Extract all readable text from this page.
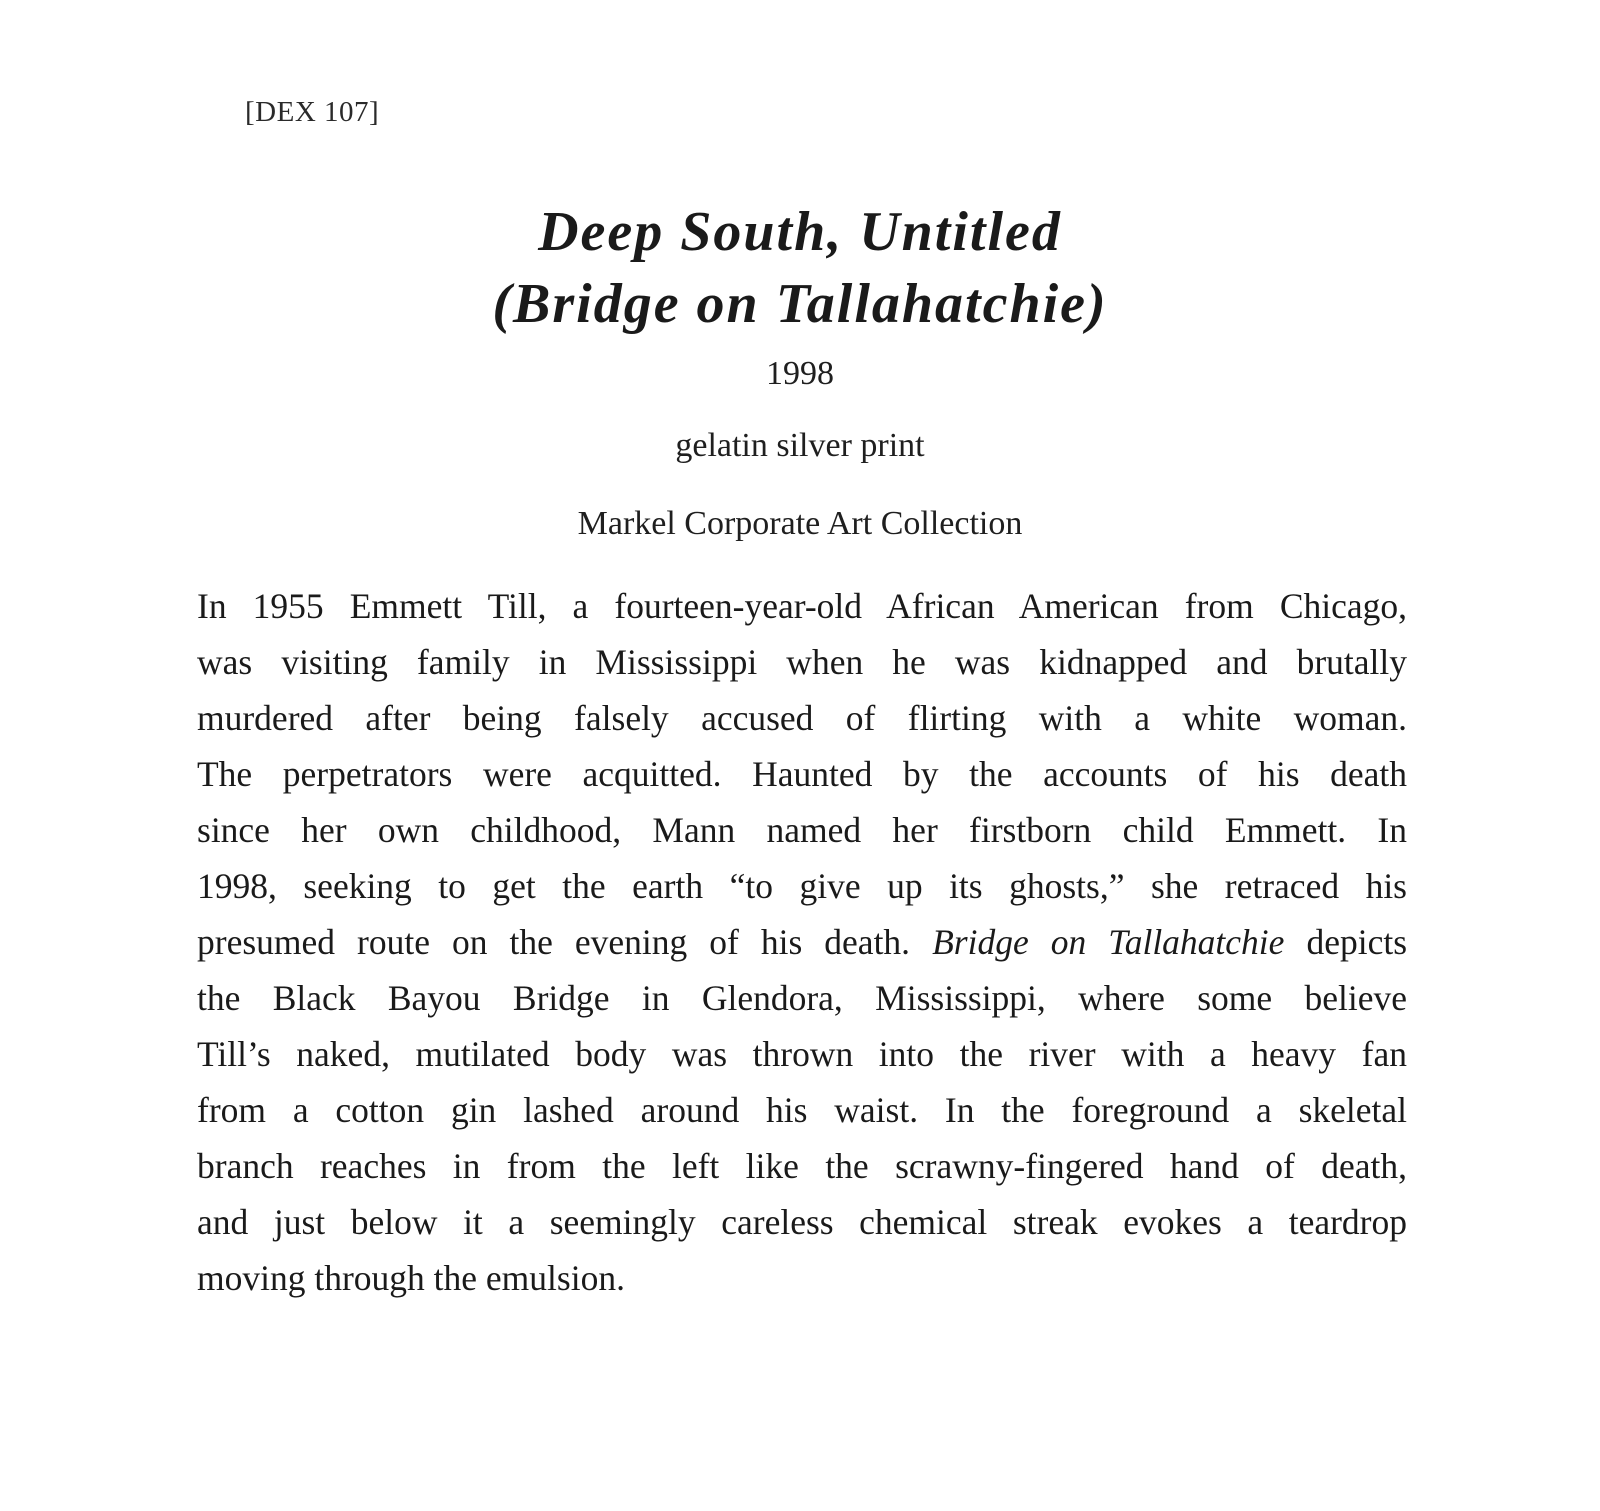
[DEX 107]
Deep South, Untitled
(Bridge on Tallahatchie)
1998
gelatin silver print
Markel Corporate Art Collection
In 1955 Emmett Till, a fourteen-year-old African American from Chicago,
was visiting family in Mississippi when he was kidnapped and brutally
murdered after being falsely accused of flirting with a white woman.
The perpetrators were acquitted. Haunted by the accounts of his death
since her own childhood, Mann named her firstborn child Emmett. In
1998, seeking to get the earth “to give up its ghosts,” she retraced his
presumed route on the evening of his death. Bridge on Tallahatchie depicts
the Black Bayou Bridge in Glendora, Mississippi, where some believe
Till’s naked, mutilated body was thrown into the river with a heavy fan
from a cotton gin lashed around his waist. In the foreground a skeletal
branch reaches in from the left like the scrawny-fingered hand of death,
and just below it a seemingly careless chemical streak evokes a teardrop
moving through the emulsion.
